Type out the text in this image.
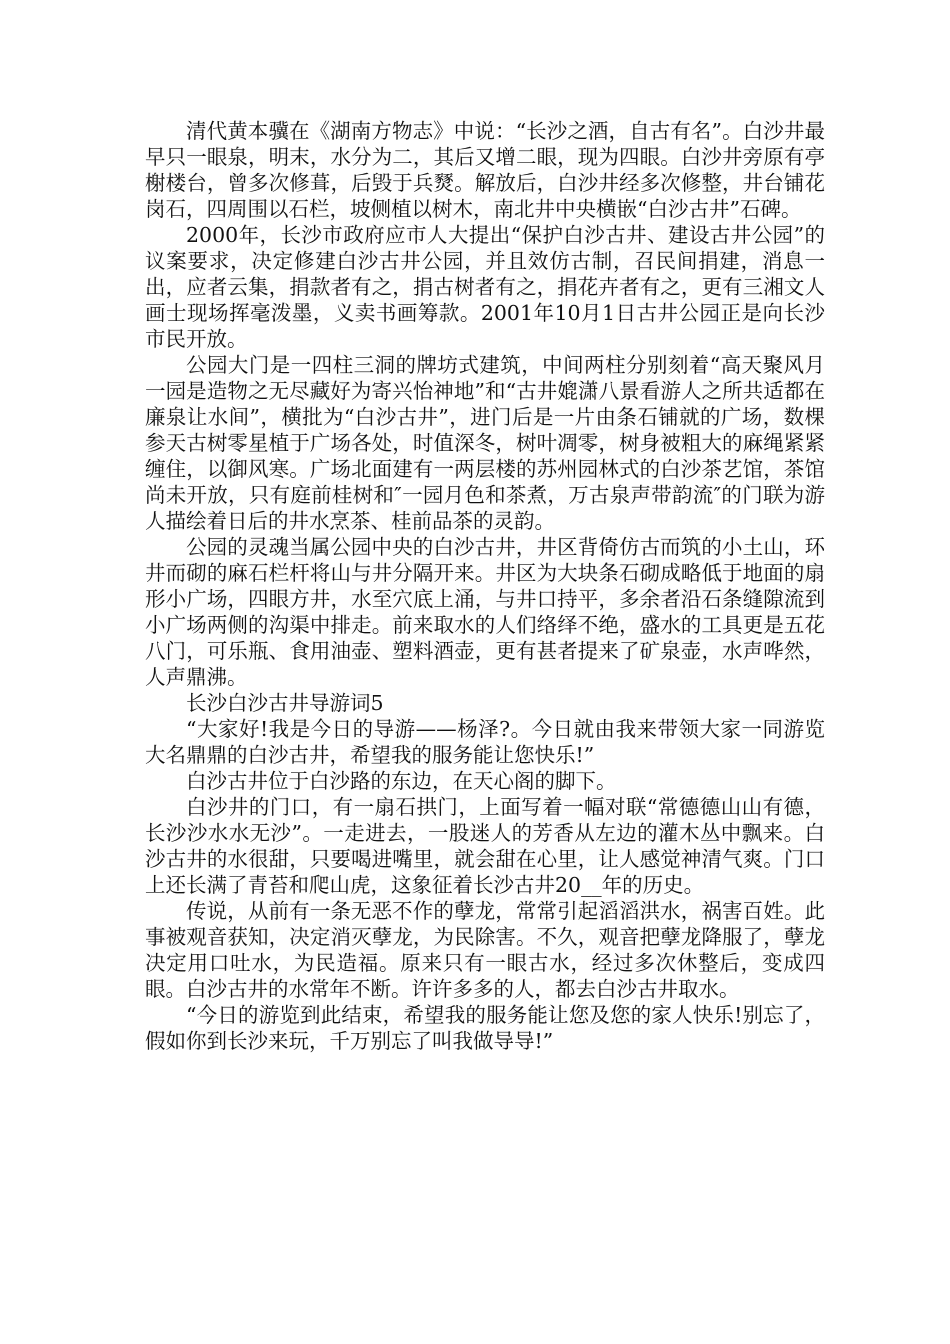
清代黄本骥在《湖南方物志》中说：“长沙之酒，自古有名”。白沙井最早只一眼泉，明末，水分为二，其后又增二眼，现为四眼。白沙井旁原有亭榭楼台，曾多次修葺，后毁于兵燹。解放后，白沙井经多次修整，井台铺花岗石，四周围以石栏，坡侧植以树木，南北井中央横嵌“白沙古井”石碑。

2000年，长沙市政府应市人大提出“保护白沙古井、建设古井公园”的议案要求，决定修建白沙古井公园，并且效仿古制，召民间捐建，消息一出，应者云集，捐款者有之，捐古树者有之，捐花卉者有之，更有三湘文人画士现场挥毫泼墨，义卖书画筹款。2001年10月1日古井公园正是向长沙市民开放。

公园大门是一四柱三洞的牌坊式建筑，中间两柱分别刻着“高天聚风月一园是造物之无尽藏好为寄兴怡神地”和“古井媲潇八景看游人之所共适都在廉泉让水间”，横批为“白沙古井”，进门后是一片由条石铺就的广场，数棵参天古树零星植于广场各处，时值深冬，树叶凋零，树身被粗大的麻绳紧紧缠住，以御风寒。广场北面建有一两层楼的苏州园林式的白沙茶艺馆，茶馆尚未开放，只有庭前桂树和″一园月色和茶煮，万古泉声带韵流″的门联为游人描绘着日后的井水烹茶、桂前品茶的灵韵。

公园的灵魂当属公园中央的白沙古井，井区背倚仿古而筑的小土山，环井而砌的麻石栏杆将山与井分隔开来。井区为大块条石砌成略低于地面的扇形小广场，四眼方井，水至穴底上涌，与井口持平，多余者沿石条缝隙流到小广场两侧的沟渠中排走。前来取水的人们络绎不绝，盛水的工具更是五花八门，可乐瓶、食用油壶、塑料酒壶，更有甚者提来了矿泉壶，水声哗然，人声鼎沸。

长沙白沙古井导游词5

“大家好!我是今日的导游——杨泽?。今日就由我来带领大家一同游览大名鼎鼎的白沙古井，希望我的服务能让您快乐!”

白沙古井位于白沙路的东边，在天心阁的脚下。

白沙井的门口，有一扇石拱门，上面写着一幅对联“常德德山山有德，长沙沙水水无沙”。一走进去，一股迷人的芳香从左边的灌木丛中飘来。白沙古井的水很甜，只要喝进嘴里，就会甜在心里，让人感觉神清气爽。门口上还长满了青苔和爬山虎，这象征着长沙古井20__年的历史。

传说，从前有一条无恶不作的孽龙，常常引起滔滔洪水，祸害百姓。此事被观音获知，决定消灭孽龙，为民除害。不久，观音把孽龙降服了，孽龙决定用口吐水，为民造福。原来只有一眼古水，经过多次休整后，变成四眼。白沙古井的水常年不断。许许多多的人，都去白沙古井取水。

“今日的游览到此结束，希望我的服务能让您及您的家人快乐!别忘了，假如你到长沙来玩，千万别忘了叫我做导导!”
